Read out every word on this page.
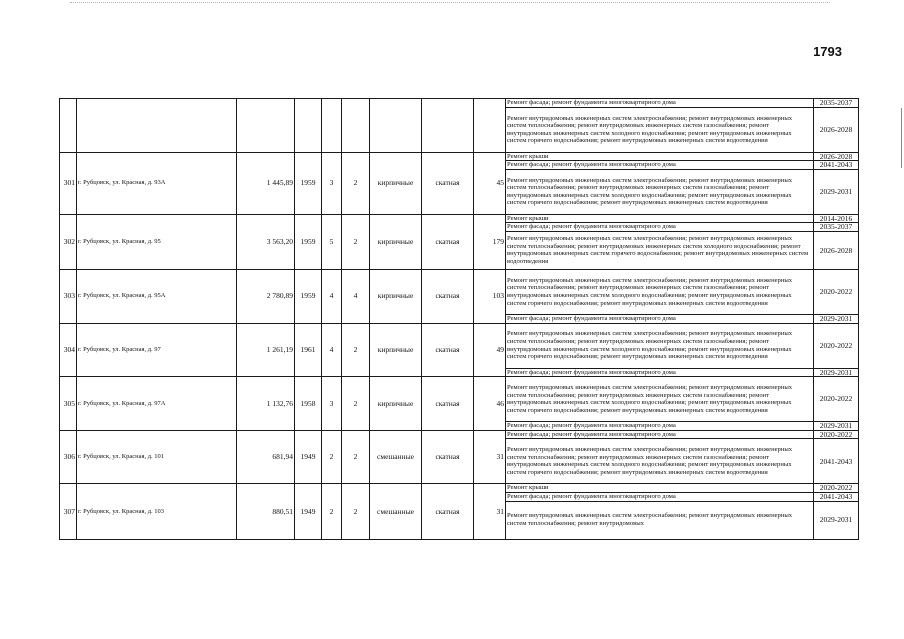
1793
									Ремонт фасада; ремонт фундамента многоквартирного дома	2035-2037
									Ремонт внутридомовых инженерных систем электроснабжения; ремонт внутридомовых инженерных систем теплоснабжения; ремонт внутридомовых инженерных систем газоснабжения; ремонт внутридомовых инженерных систем холодного водоснабжения; ремонт внутридомовых инженерных систем горячего водоснабжения; ремонт внутридомовых инженерных систем водоотведения	2026-2028
301	г. Рубцовск, ул. Красная, д. 93А	1 445,89	1959	3	2	кирпичные	скатная	45	Ремонт крыши	2026-2028
									Ремонт фасада; ремонт фундамента многоквартирного дома	2041-2043
									Ремонт внутридомовых инженерных систем электроснабжения; ремонт внутридомовых инженерных систем теплоснабжения; ремонт внутридомовых инженерных систем газоснабжения; ремонт внутридомовых инженерных систем холодного водоснабжения; ремонт внутридомовых инженерных систем горячего водоснабжения; ремонт внутридомовых инженерных систем водоотведения	2029-2031
302	г. Рубцовск, ул. Красная, д. 95	3 563,20	1959	5	2	кирпичные	скатная	179	Ремонт крыши	2014-2016
									Ремонт фасада; ремонт фундамента многоквартирного дома	2035-2037
									Ремонт внутридомовых инженерных систем электроснабжения; ремонт внутридомовых инженерных систем теплоснабжения; ремонт внутридомовых инженерных систем холодного водоснабжения; ремонт внутридомовых инженерных систем горячего водоснабжения; ремонт внутридомовых инженерных систем водоотведения	2026-2028
303	г. Рубцовск, ул. Красная, д. 95А	2 780,89	1959	4	4	кирпичные	скатная	103	Ремонт внутридомовых инженерных систем электроснабжения; ремонт внутридомовых инженерных систем теплоснабжения; ремонт внутридомовых инженерных систем газоснабжения; ремонт внутридомовых инженерных систем холодного водоснабжения; ремонт внутридомовых инженерных систем горячего водоснабжения; ремонт внутридомовых инженерных систем водоотведения	2020-2022
									Ремонт фасада; ремонт фундамента многоквартирного дома	2029-2031
304	г. Рубцовск, ул. Красная, д. 97	1 261,19	1961	4	2	кирпичные	скатная	49	Ремонт внутридомовых инженерных систем электроснабжения; ремонт внутридомовых инженерных систем теплоснабжения; ремонт внутридомовых инженерных систем газоснабжения; ремонт внутридомовых инженерных систем холодного водоснабжения; ремонт внутридомовых инженерных систем горячего водоснабжения; ремонт внутридомовых инженерных систем водоотведения	2020-2022
									Ремонт фасада; ремонт фундамента многоквартирного дома	2029-2031
305	г. Рубцовск, ул. Красная, д. 97А	1 132,76	1958	3	2	кирпичные	скатная	46	Ремонт внутридомовых инженерных систем электроснабжения; ремонт внутридомовых инженерных систем теплоснабжения; ремонт внутридомовых инженерных систем газоснабжения; ремонт внутридомовых инженерных систем холодного водоснабжения; ремонт внутридомовых инженерных систем горячего водоснабжения; ремонт внутридомовых инженерных систем водоотведения	2020-2022
									Ремонт фасада; ремонт фундамента многоквартирного дома	2029-2031
306	г. Рубцовск, ул. Красная, д. 101	681,94	1949	2	2	смешанные	скатная	31	Ремонт фасада; ремонт фундамента многоквартирного дома	2020-2022
									Ремонт внутридомовых инженерных систем электроснабжения; ремонт внутридомовых инженерных систем теплоснабжения; ремонт внутридомовых инженерных систем газоснабжения; ремонт внутридомовых инженерных систем холодного водоснабжения; ремонт внутридомовых инженерных систем горячего водоснабжения; ремонт внутридомовых инженерных систем водоотведения	2041-2043
307	г. Рубцовск, ул. Красная, д. 103	880,51	1949	2	2	смешанные	скатная	31	Ремонт крыши	2020-2022
									Ремонт фасада; ремонт фундамента многоквартирного дома	2041-2043
									Ремонт внутридомовых инженерных систем электроснабжения; ремонт внутридомовых инженерных систем теплоснабжения; ремонт внутридомовых	2029-2031
